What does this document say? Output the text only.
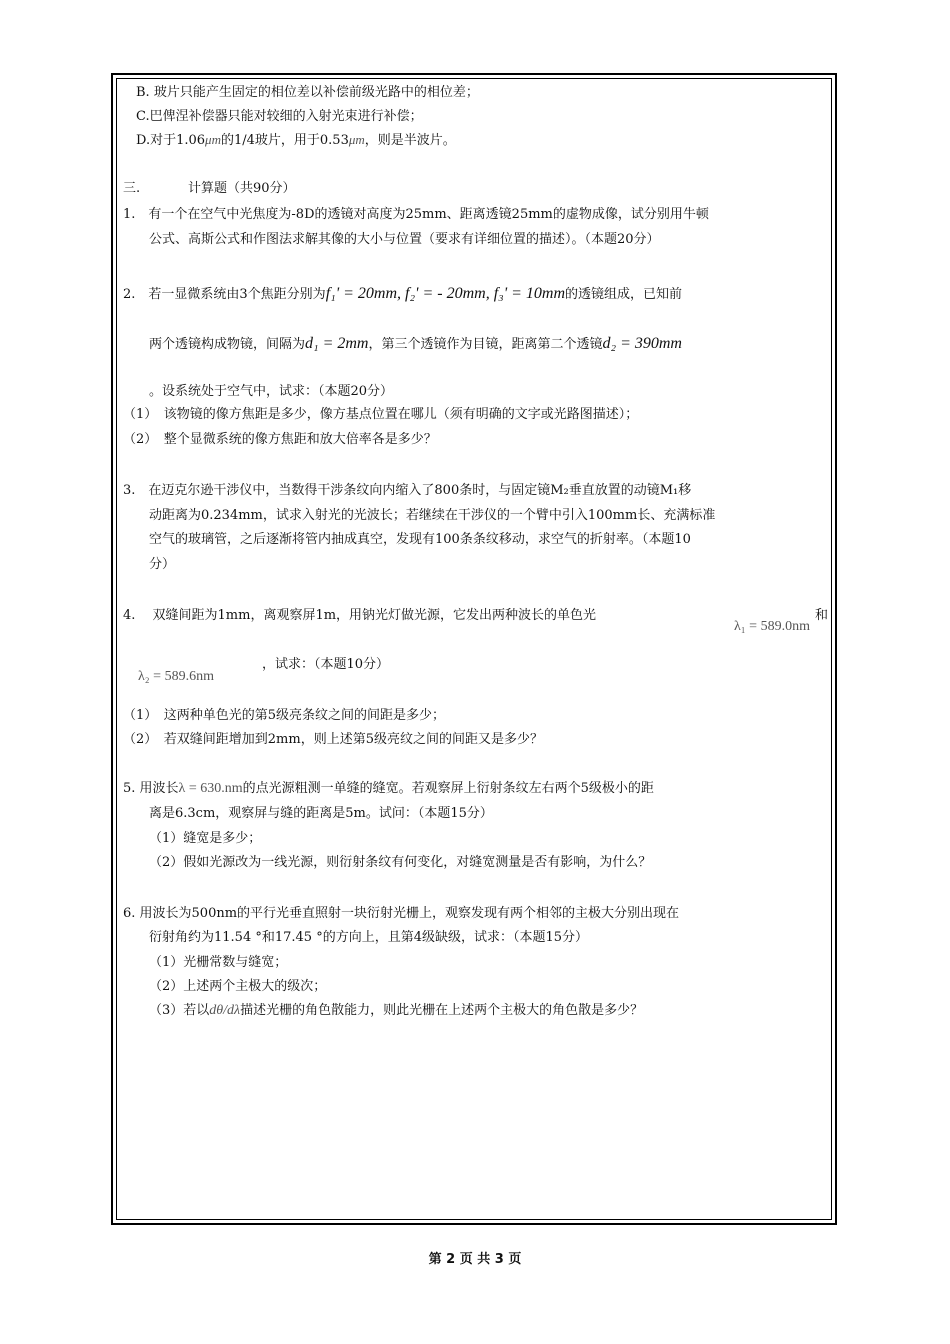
B. 玻片只能产生固定的相位差以补偿前级光路中的相位差；
C.巴俾涅补偿器只能对较细的入射光束进行补偿；
D.对于1.06μm的1/4玻片，用于0.53μm，则是半波片。
三.	计算题（共90分）
1.　有一个在空气中光焦度为-8D的透镜对高度为25mm、距离透镜25mm的虚物成像，试分别用牛顿
公式、高斯公式和作图法求解其像的大小与位置（要求有详细位置的描述）。（本题20分）
2.　若一显微系统由3个焦距分别为f₁' = 20mm, f₂' = - 20mm, f₃' = 10mm的透镜组成，已知前
两个透镜构成物镜，间隔为d₁ = 2mm，第三个透镜作为目镜，距离第二个透镜d₂ = 390mm
。设系统处于空气中，试求：（本题20分）
（1）　该物镜的像方焦距是多少，像方基点位置在哪儿（须有明确的文字或光路图描述）；
（2）　整个显微系统的像方焦距和放大倍率各是多少？
3.　在迈克尔逊干涉仪中，当数得干涉条纹向内缩入了800条时，与固定镜M₂垂直放置的动镜M₁移
动距离为0.234mm，试求入射光的光波长；若继续在干涉仪的一个臂中引入100mm长、充满标准
空气的玻璃管，之后逐渐将管内抽成真空，发现有100条条纹移动，求空气的折射率。（本题10
分）
4.　 双缝间距为1mm，离观察屏1m，用钠光灯做光源，它发出两种波长的单色光
λ₁ = 589.0nm
和
λ₂ = 589.6nm
，试求：（本题10分）
（1）　这两种单色光的第5级亮条纹之间的间距是多少；
（2）　若双缝间距增加到2mm，则上述第5级亮纹之间的间距又是多少？
5. 用波长λ = 630.nm的点光源粗测一单缝的缝宽。若观察屏上衍射条纹左右两个5级极小的距
离是6.3cm，观察屏与缝的距离是5m。试问：（本题15分）
（1）缝宽是多少；
（2）假如光源改为一线光源，则衍射条纹有何变化，对缝宽测量是否有影响，为什么？
6. 用波长为500nm的平行光垂直照射一块衍射光栅上，观察发现有两个相邻的主极大分别出现在
衍射角约为11.54 °和17.45 °的方向上，且第4级缺级，试求：（本题15分）
（1）光栅常数与缝宽；
（2）上述两个主极大的级次；
（3）若以dθ/dλ描述光栅的角色散能力，则此光栅在上述两个主极大的角色散是多少？
第 2 页 共 3 页
